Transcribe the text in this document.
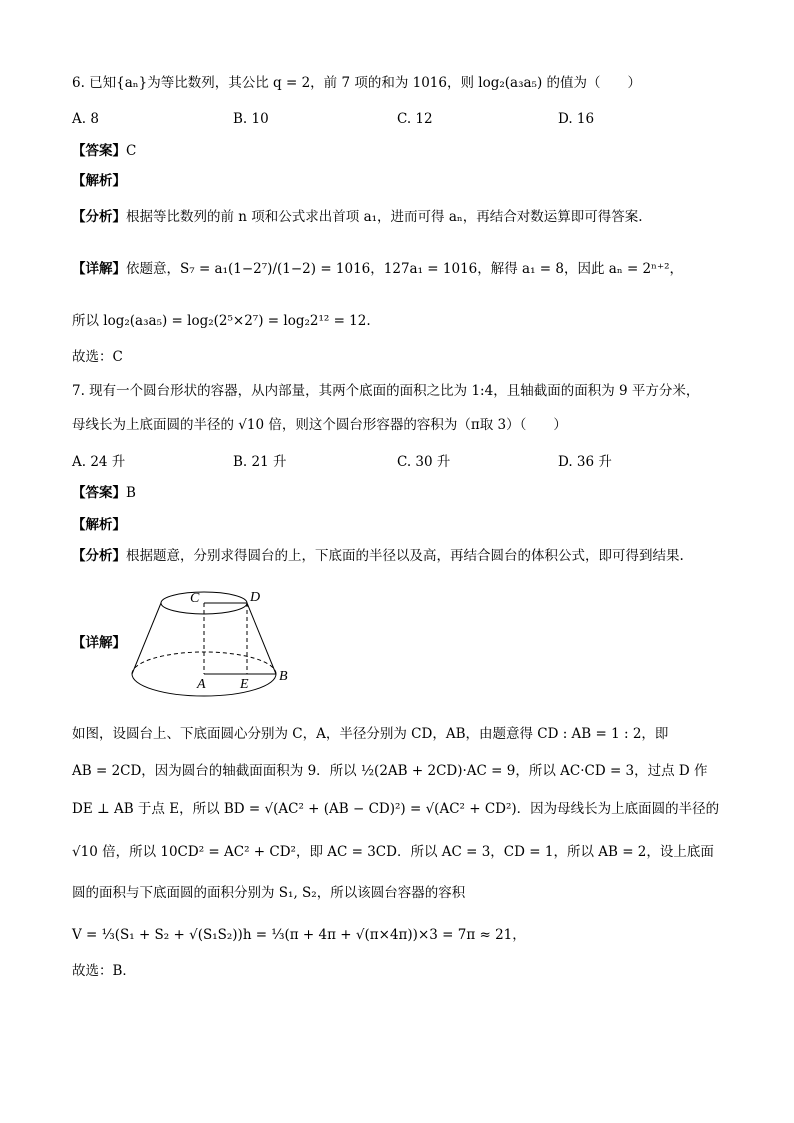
6. 已知{aₙ}为等比数列，其公比 q = 2，前 7 项的和为 1016，则 log₂(a₃a₅) 的值为（　　）
A. 8	B. 10	C. 12	D. 16
【答案】C
【解析】
【分析】根据等比数列的前 n 项和公式求出首项 a₁，进而可得 aₙ，再结合对数运算即可得答案.
【详解】依题意，S₇ = a₁(1−2⁷)/(1−2) = 1016，127a₁ = 1016，解得 a₁ = 8，因此 aₙ = 2ⁿ⁺²，
所以 log₂(a₃a₅) = log₂(2⁵×2⁷) = log₂2¹² = 12.
故选：C
7. 现有一个圆台形状的容器，从内部量，其两个底面的面积之比为 1:4，且轴截面的面积为 9 平方分米，
母线长为上底面圆的半径的 √10 倍，则这个圆台形容器的容积为（π取 3）（　　）
A. 24 升	B. 21 升	C. 30 升	D. 36 升
【答案】B
【解析】
【分析】根据题意，分别求得圆台的上，下底面的半径以及高，再结合圆台的体积公式，即可得到结果.
【详解】
C	D
A E
B
如图，设圆台上、下底面圆心分别为 C，A，半径分别为 CD，AB，由题意得 CD : AB = 1 : 2，即
AB = 2CD，因为圆台的轴截面面积为 9．所以 ½(2AB + 2CD)·AC = 9，所以 AC·CD = 3，过点 D 作
DE ⊥ AB 于点 E，所以 BD = √(AC² + (AB − CD)²) = √(AC² + CD²)．因为母线长为上底面圆的半径的
√10 倍，所以 10CD² = AC² + CD²，即 AC = 3CD．所以 AC = 3，CD = 1，所以 AB = 2，设上底面
圆的面积与下底面圆的面积分别为 S₁, S₂，所以该圆台容器的容积
V = ⅓(S₁ + S₂ + √(S₁S₂))h = ⅓(π + 4π + √(π×4π))×3 = 7π ≈ 21，
故选：B．
